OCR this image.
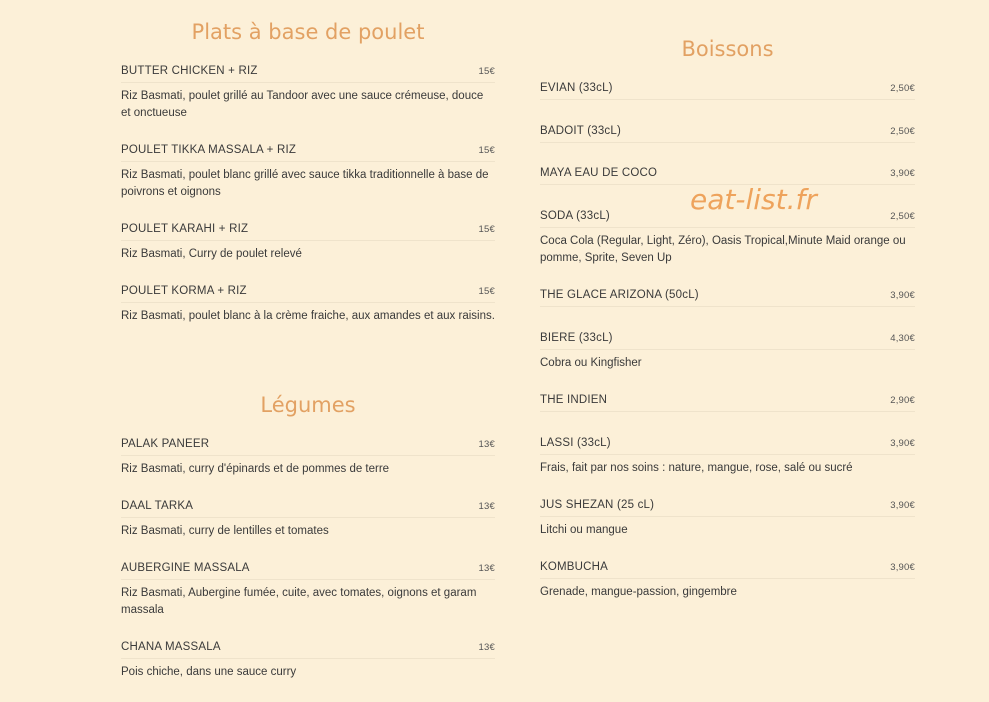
Plats à base de poulet
BUTTER CHICKEN + RIZ	15€
Riz Basmati, poulet grillé au Tandoor avec une sauce crémeuse, douce et onctueuse
POULET TIKKA MASSALA + RIZ	15€
Riz Basmati, poulet blanc grillé avec sauce tikka traditionnelle à base de poivrons et oignons
POULET KARAHI + RIZ	15€
Riz Basmati, Curry de poulet relevé
POULET KORMA + RIZ	15€
Riz Basmati, poulet blanc à la crème fraiche, aux amandes et aux raisins.
Légumes
PALAK PANEER	13€
Riz Basmati, curry d'épinards et de pommes de terre
DAAL TARKA	13€
Riz Basmati, curry de lentilles et tomates
AUBERGINE MASSALA	13€
Riz Basmati, Aubergine fumée, cuite, avec tomates, oignons et garam massala
CHANA MASSALA	13€
Pois chiche, dans une sauce curry
Boissons
EVIAN (33cL)	2,50€
BADOIT (33cL)	2,50€
MAYA EAU DE COCO	3,90€
SODA (33cL)	2,50€
Coca Cola (Regular, Light, Zéro), Oasis Tropical,Minute Maid orange ou pomme, Sprite, Seven Up
THE GLACE ARIZONA (50cL)	3,90€
BIERE (33cL)	4,30€
Cobra ou Kingfisher
THE INDIEN	2,90€
LASSI (33cL)	3,90€
Frais, fait par nos soins : nature, mangue, rose, salé ou sucré
JUS SHEZAN (25 cL)	3,90€
Litchi ou mangue
KOMBUCHA	3,90€
Grenade, mangue-passion, gingembre
eat-list.fr
